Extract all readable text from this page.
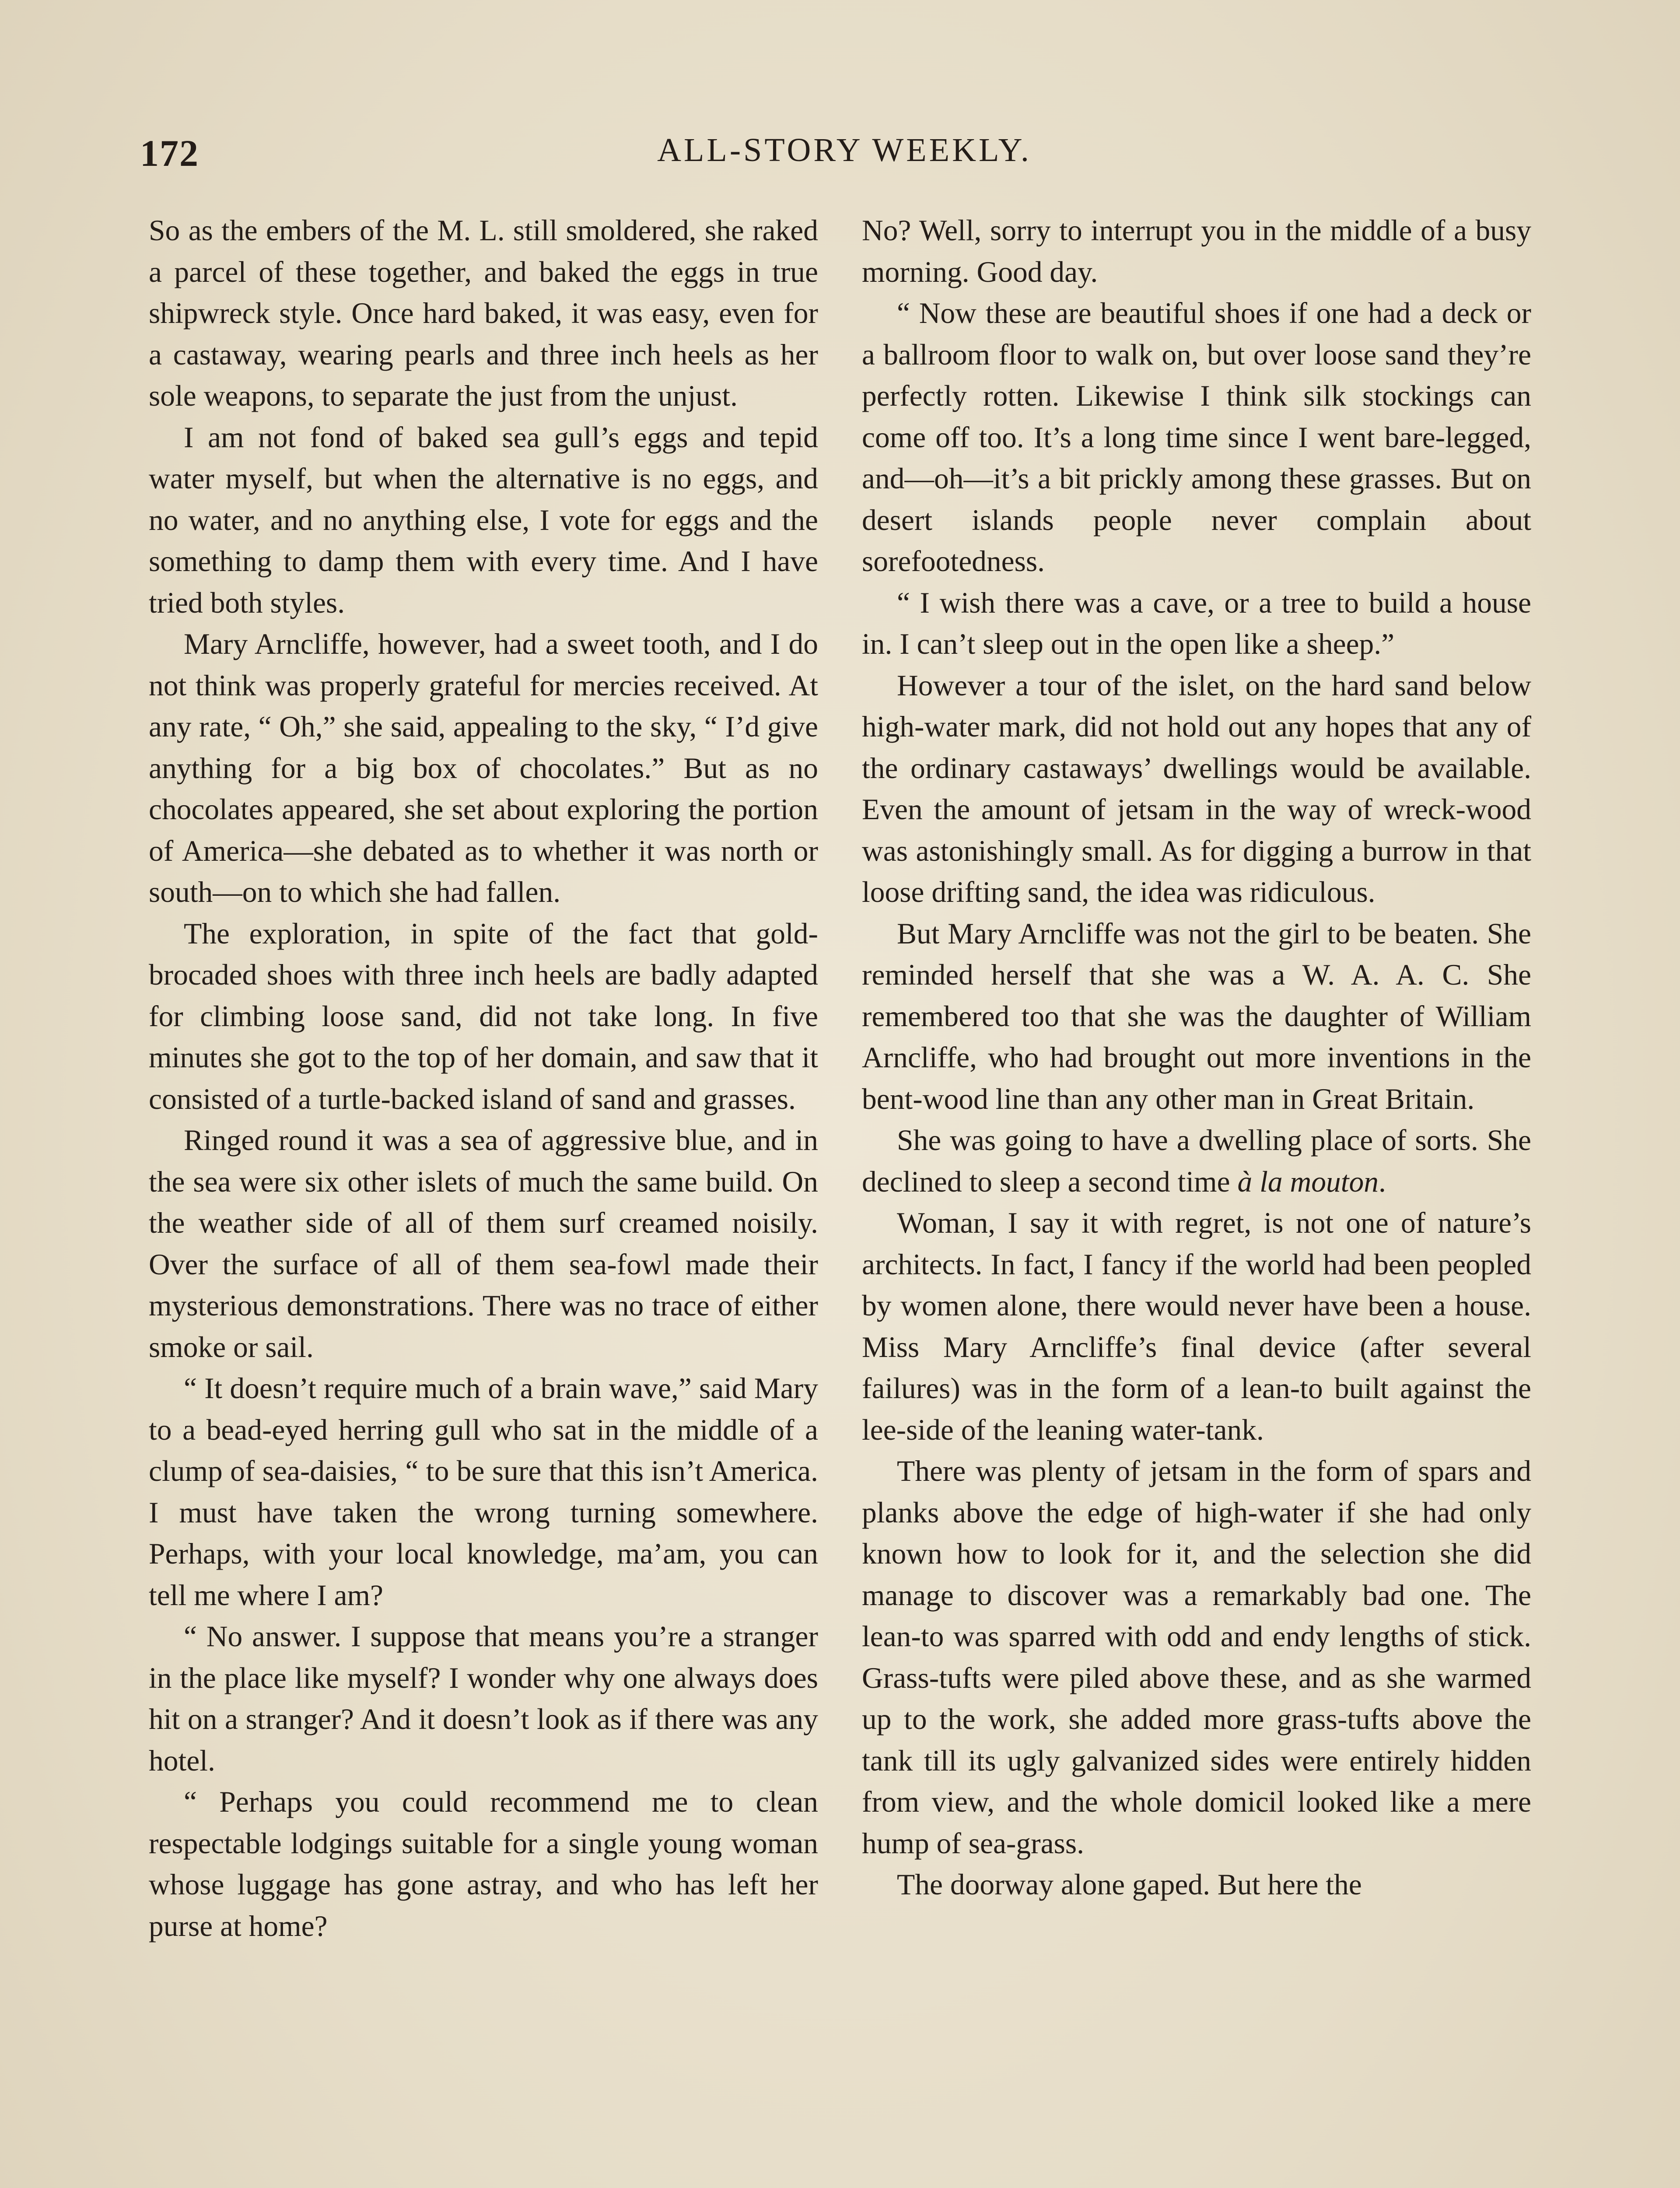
172	ALL-STORY WEEKLY.

So as the embers of the M. L. still smoldered, she raked a parcel of these together, and baked the eggs in true shipwreck style. Once hard baked, it was easy, even for a castaway, wearing pearls and three inch heels as her sole weapons, to separate the just from the unjust.

I am not fond of baked sea gull’s eggs and tepid water myself, but when the alternative is no eggs, and no water, and no anything else, I vote for eggs and the something to damp them with every time. And I have tried both styles.

Mary Arncliffe, however, had a sweet tooth, and I do not think was properly grateful for mercies received. At any rate, “ Oh,” she said, appealing to the sky, “ I’d give anything for a big box of chocolates.” But as no chocolates appeared, she set about exploring the portion of America—she debated as to whether it was north or south—on to which she had fallen.

The exploration, in spite of the fact that gold-brocaded shoes with three inch heels are badly adapted for climbing loose sand, did not take long. In five minutes she got to the top of her domain, and saw that it consisted of a turtle-backed island of sand and grasses.

Ringed round it was a sea of aggressive blue, and in the sea were six other islets of much the same build. On the weather side of all of them surf creamed noisily. Over the surface of all of them sea-fowl made their mysterious demonstrations. There was no trace of either smoke or sail.

“ It doesn’t require much of a brain wave,” said Mary to a bead-eyed herring gull who sat in the middle of a clump of sea-daisies, “ to be sure that this isn’t America. I must have taken the wrong turning somewhere. Perhaps, with your local knowledge, ma’am, you can tell me where I am?

“ No answer. I suppose that means you’re a stranger in the place like myself? I wonder why one always does hit on a stranger? And it doesn’t look as if there was any hotel.

“ Perhaps you could recommend me to clean respectable lodgings suitable for a single young woman whose luggage has gone astray, and who has left her purse at home?

No? Well, sorry to interrupt you in the middle of a busy morning. Good day.

“ Now these are beautiful shoes if one had a deck or a ballroom floor to walk on, but over loose sand they’re perfectly rotten. Likewise I think silk stockings can come off too. It’s a long time since I went bare-legged, and—oh—it’s a bit prickly among these grasses. But on desert islands people never complain about sorefootedness.

“ I wish there was a cave, or a tree to build a house in. I can’t sleep out in the open like a sheep.”

However a tour of the islet, on the hard sand below high-water mark, did not hold out any hopes that any of the ordinary castaways’ dwellings would be available. Even the amount of jetsam in the way of wreck-wood was astonishingly small. As for digging a burrow in that loose drifting sand, the idea was ridiculous.

But Mary Arncliffe was not the girl to be beaten. She reminded herself that she was a W. A. A. C. She remembered too that she was the daughter of William Arncliffe, who had brought out more inventions in the bent-wood line than any other man in Great Britain.

She was going to have a dwelling place of sorts. She declined to sleep a second time à la mouton.

Woman, I say it with regret, is not one of nature’s architects. In fact, I fancy if the world had been peopled by women alone, there would never have been a house. Miss Mary Arncliffe’s final device (after several failures) was in the form of a lean-to built against the lee-side of the leaning water-tank.

There was plenty of jetsam in the form of spars and planks above the edge of high-water if she had only known how to look for it, and the selection she did manage to discover was a remarkably bad one. The lean-to was sparred with odd and endy lengths of stick. Grass-tufts were piled above these, and as she warmed up to the work, she added more grass-tufts above the tank till its ugly galvanized sides were entirely hidden from view, and the whole domicil looked like a mere hump of sea-grass.

The doorway alone gaped. But here the
